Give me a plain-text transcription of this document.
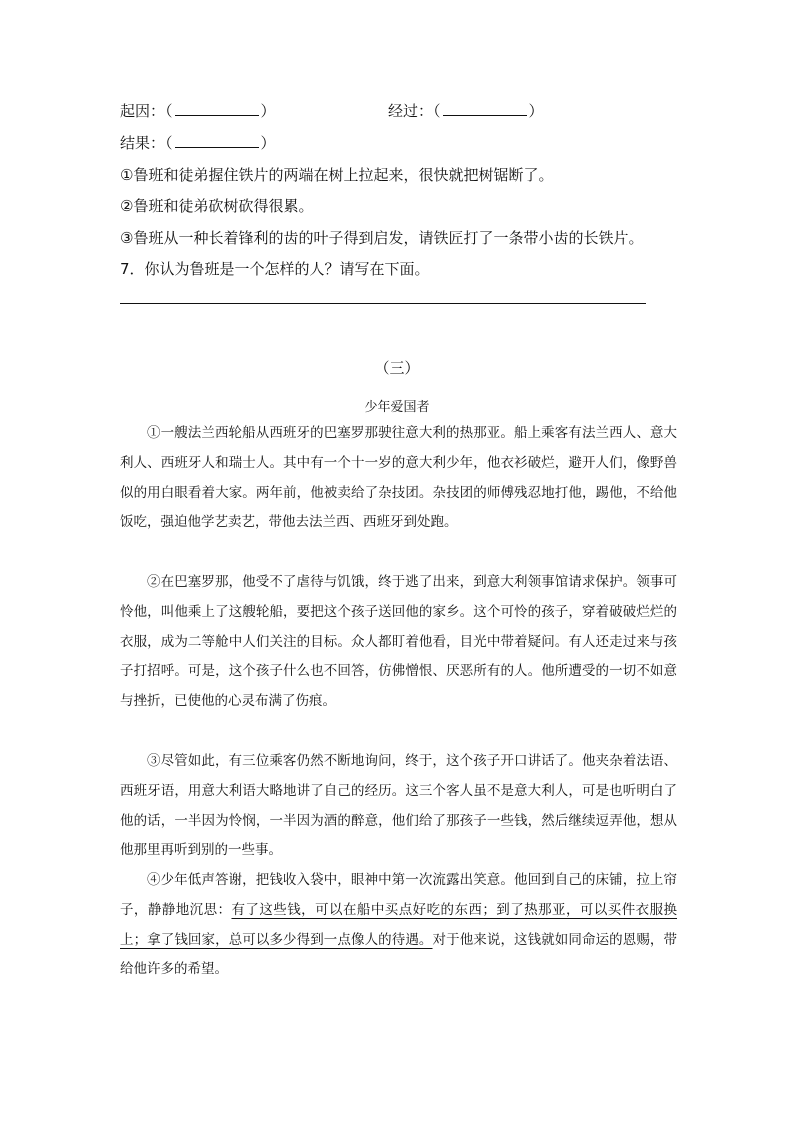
起因：（	）	经过：（	）
结果：（	）
①鲁班和徒弟握住铁片的两端在树上拉起来，很快就把树锯断了。
②鲁班和徒弟砍树砍得很累。
③鲁班从一种长着锋利的齿的叶子得到启发，请铁匠打了一条带小齿的长铁片。
7．你认为鲁班是一个怎样的人？请写在下面。
（三）
少年爱国者

①一艘法兰西轮船从西班牙的巴塞罗那驶往意大利的热那亚。船上乘客有法兰西人、意大利人、西班牙人和瑞士人。其中有一个十一岁的意大利少年，他衣衫破烂，避开人们，像野兽似的用白眼看着大家。两年前，他被卖给了杂技团。杂技团的师傅残忍地打他，踢他，不给他饭吃，强迫他学艺卖艺，带他去法兰西、西班牙到处跑。

②在巴塞罗那，他受不了虐待与饥饿，终于逃了出来，到意大利领事馆请求保护。领事可怜他，叫他乘上了这艘轮船，要把这个孩子送回他的家乡。这个可怜的孩子，穿着破破烂烂的衣服，成为二等舱中人们关注的目标。众人都盯着他看，目光中带着疑问。有人还走过来与孩子打招呼。可是，这个孩子什么也不回答，仿佛憎恨、厌恶所有的人。他所遭受的一切不如意与挫折，已使他的心灵布满了伤痕。

③尽管如此，有三位乘客仍然不断地询问，终于，这个孩子开口讲话了。他夹杂着法语、西班牙语，用意大利语大略地讲了自己的经历。这三个客人虽不是意大利人，可是也听明白了他的话，一半因为怜悯，一半因为酒的醉意，他们给了那孩子一些钱，然后继续逗弄他，想从他那里再听到别的一些事。

④少年低声答谢，把钱收入袋中，眼神中第一次流露出笑意。他回到自己的床铺，拉上帘子，静静地沉思：有了这些钱，可以在船中买点好吃的东西；到了热那亚，可以买件衣服换上；拿了钱回家，总可以多少得到一点像人的待遇。对于他来说，这钱就如同命运的恩赐，带给他许多的希望。
